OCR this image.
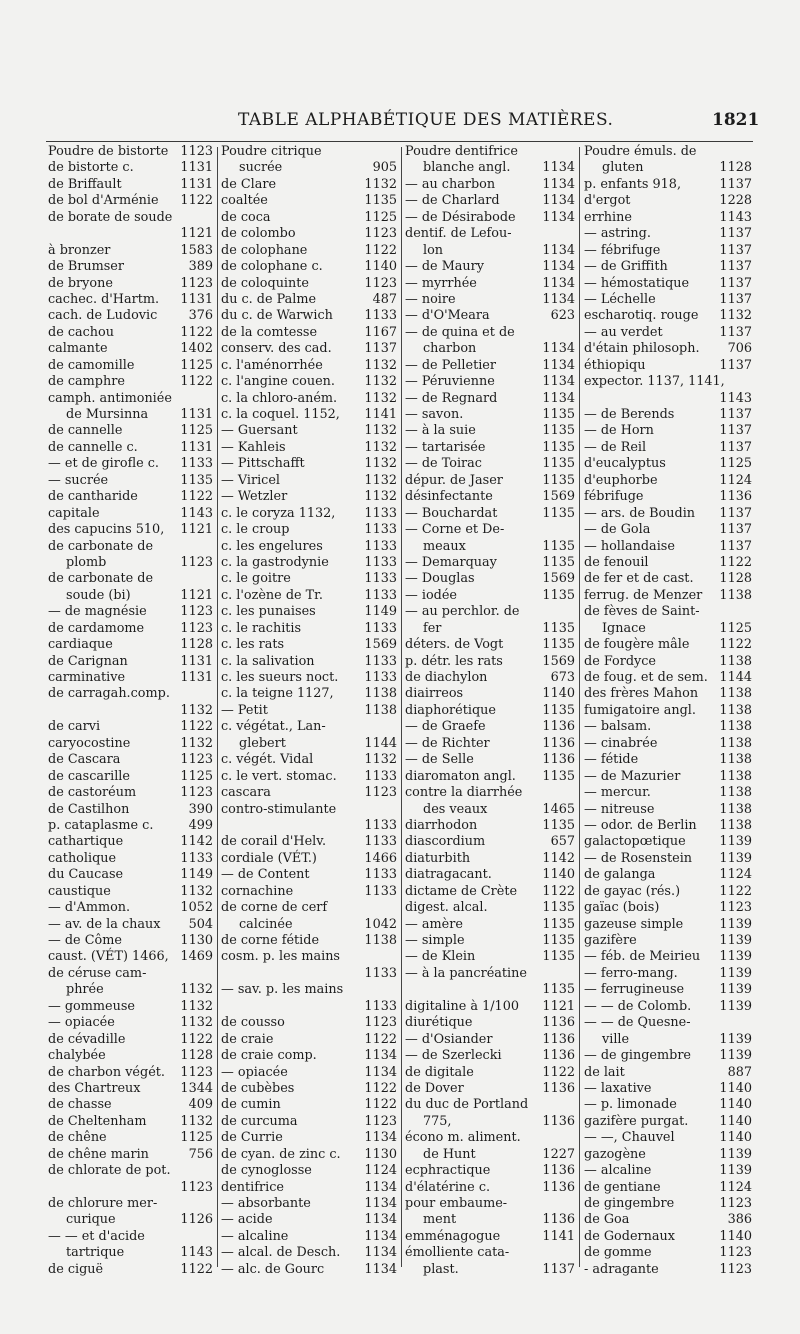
TABLE ALPHABÉTIQUE DES MATIÈRES.	1821
Poudre de bistorte 1123
de bistorte c.	1131
de Briffault	1131
de bol d'Arménie 1122
de borate de soude
1121
à bronzer	1583
de Brumser	389
de bryone	1123
cachec. d'Hartm. 1131
cach. de Ludovic 376
de cachou	1122
calmante	1402
de camomille	1125
de camphre	1122
camph. antimoniée
de Mursinna	1131
de cannelle	1125
de cannelle c.	1131
— et de girofle c. 1133
— sucrée	1135
de cantharide	1122
capitale	1143
des capucins 510, 1121
de carbonate de
plomb	1123
de carbonate de
soude (bi)	1121
— de magnésie	1123
de cardamome	1123
cardiaque	1128
de Carignan	1131
carminative	1131
de carragah.comp.
1132
de carvi	1122
caryocostine	1132
de Cascara	1123
de cascarille	1125
de castoréum	1123
de Castilhon	390
p. cataplasme c.	499
cathartique	1142
catholique	1133
du Caucase	1149
caustique	1132
— d'Ammon.	1052
— av. de la chaux 504
— de Côme	1130
caust. (VÉT) 1466, 1469
de céruse cam-
phrée	1132
— gommeuse	1132
— opiacée	1132
de cévadille	1122
chalybée	1128
de charbon végét. 1123
des Chartreux	1344
de chasse	409
de Cheltenham	1132
de chêne	1125
de chêne marin	756
de chlorate de pot.
1123
de chlorure mer-
curique	1126
— — et d'acide
tartrique	1143
de ciguë	1122
Poudre citrique
sucrée	905
de Clare	1132
coaltée	1135
de coca	1125
de colombo	1123
de colophane	1122
de colophane c.	1140
de coloquinte	1123
du c. de Palme	487
du c. de Warwich 1133
de la comtesse	1167
conserv. des cad.	1137
c. l'aménorrhée	1132
c. l'angine couen. 1132
c. la chloro-aném. 1132
c. la coquel. 1152, 1141
— Guersant	1132
— Kahleis	1132
— Pittschafft	1132
— Viricel	1132
— Wetzler	1132
c. le coryza 1132, 1133
c. le croup	1133
c. les engelures	1133
c. la gastrodynie	1133
c. le goitre	1133
c. l'ozène de Tr.	1133
c. les punaises	1149
c. le rachitis	1133
c. les rats	1569
c. la salivation	1133
c. les sueurs noct. 1133
c. la teigne 1127, 1138
— Petit	1138
c. végétat., Lan-
glebert	1144
c. végét. Vidal	1132
c. le vert. stomac. 1133
cascara	1123
contro-stimulante
1133
de corail d'Helv.	1133
cordiale (VÉT.)	1466
— de Content	1133
cornachine	1133
de corne de cerf
calcinée	1042
de corne fétide	1138
cosm. p. les mains
1133
— sav. p. les mains
1133
de cousso	1123
de craie	1122
de craie comp.	1134
— opiacée	1134
de cubèbes	1122
de cumin	1122
de curcuma	1123
de Currie	1134
de cyan. de zinc c. 1130
de cynoglosse	1124
dentifrice	1134
— absorbante	1134
— acide	1134
— alcaline	1134
— alcal. de Desch. 1134
— alc. de Gourc	1134
Poudre dentifrice
blanche angl. 1134
— au charbon	1134
— de Charlard	1134
— de Désirabode 1134
dentif. de Lefou-
lon	1134
— de Maury	1134
— myrrhée	1134
— noire	1134
— d'O'Meara	623
— de quina et de
charbon	1134
— de Pelletier	1134
— Péruvienne	1134
— de Regnard	1134
— savon.	1135
— à la suie	1135
— tartarisée	1135
— de Toirac	1135
dépur. de Jaser	1135
désinfectante	1569
— Bouchardat	1135
— Corne et De-
meaux	1135
— Demarquay	1135
— Douglas	1569
— iodée	1135
— au perchlor. de
fer	1135
déters. de Vogt	1135
p. détr. les rats	1569
de diachylon	673
diairreos	1140
diaphorétique	1135
— de Graefe	1136
— de Richter	1136
— de Selle	1136
diaromaton angl. 1135
contre la diarrhée
des veaux	1465
diarrhodon	1135
diascordium	657
diaturbith	1142
diatragacant.	1140
dictame de Crète 1122
digest. alcal.	1135
— amère	1135
— simple	1135
— de Klein	1135
— à la pancréatine
1135
digitaline à 1/100 1121
diurétique	1136
— d'Osiander	1136
— de Szerlecki	1136
de digitale	1122
de Dover	1136
du duc de Portland
775,	1136
écono m. aliment.
de Hunt	1227
ecphractique	1136
d'élatérine c.	1136
pour embaume-
ment	1136
emménagogue	1141
émolliente cata-
plast.	1137
Poudre émuls. de
gluten	1128
p. enfants 918,	1137
d'ergot	1228
errhine	1143
— astring.	1137
— fébrifuge	1137
— de Griffith	1137
— hémostatique 1137
— Léchelle	1137
escharotiq. rouge 1132
— au verdet	1137
d'étain philosoph. 706
éthiopiqu	1137
expector. 1137, 1141,
1143
— de Berends	1137
— de Horn	1137
— de Reil	1137
d'eucalyptus	1125
d'euphorbe	1124
fébrifuge	1136
— ars. de Boudin 1137
— de Gola	1137
— hollandaise	1137
de fenouil	1122
de fer et de cast. 1128
ferrug. de Menzer 1138
de fèves de Saint-
Ignace	1125
de fougère mâle 1122
de Fordyce	1138
de foug. et de sem. 1144
des frères Mahon 1138
fumigatoire angl. 1138
— balsam.	1138
— cinabrée	1138
— fétide	1138
— de Mazurier	1138
— mercur.	1138
— nitreuse	1138
— odor. de Berlin 1138
galactopœtique	1139
— de Rosenstein 1139
de galanga	1124
de gayac (rés.)	1122
gaïac (bois)	1123
gazeuse simple	1139
gazifère	1139
— féb. de Meirieu 1139
— ferro-mang.	1139
— ferrugineuse	1139
— — de Colomb. 1139
— — de Quesne-
ville	1139
— de gingembre 1139
de lait	887
— laxative	1140
— p. limonade	1140
gazifère purgat. 1140
— —, Chauvel	1140
gazogène	1139
— alcaline	1139
de gentiane	1124
de gingembre	1123
de Goa	386
de Godernaux	1140
de gomme	1123
- adragante	1123
